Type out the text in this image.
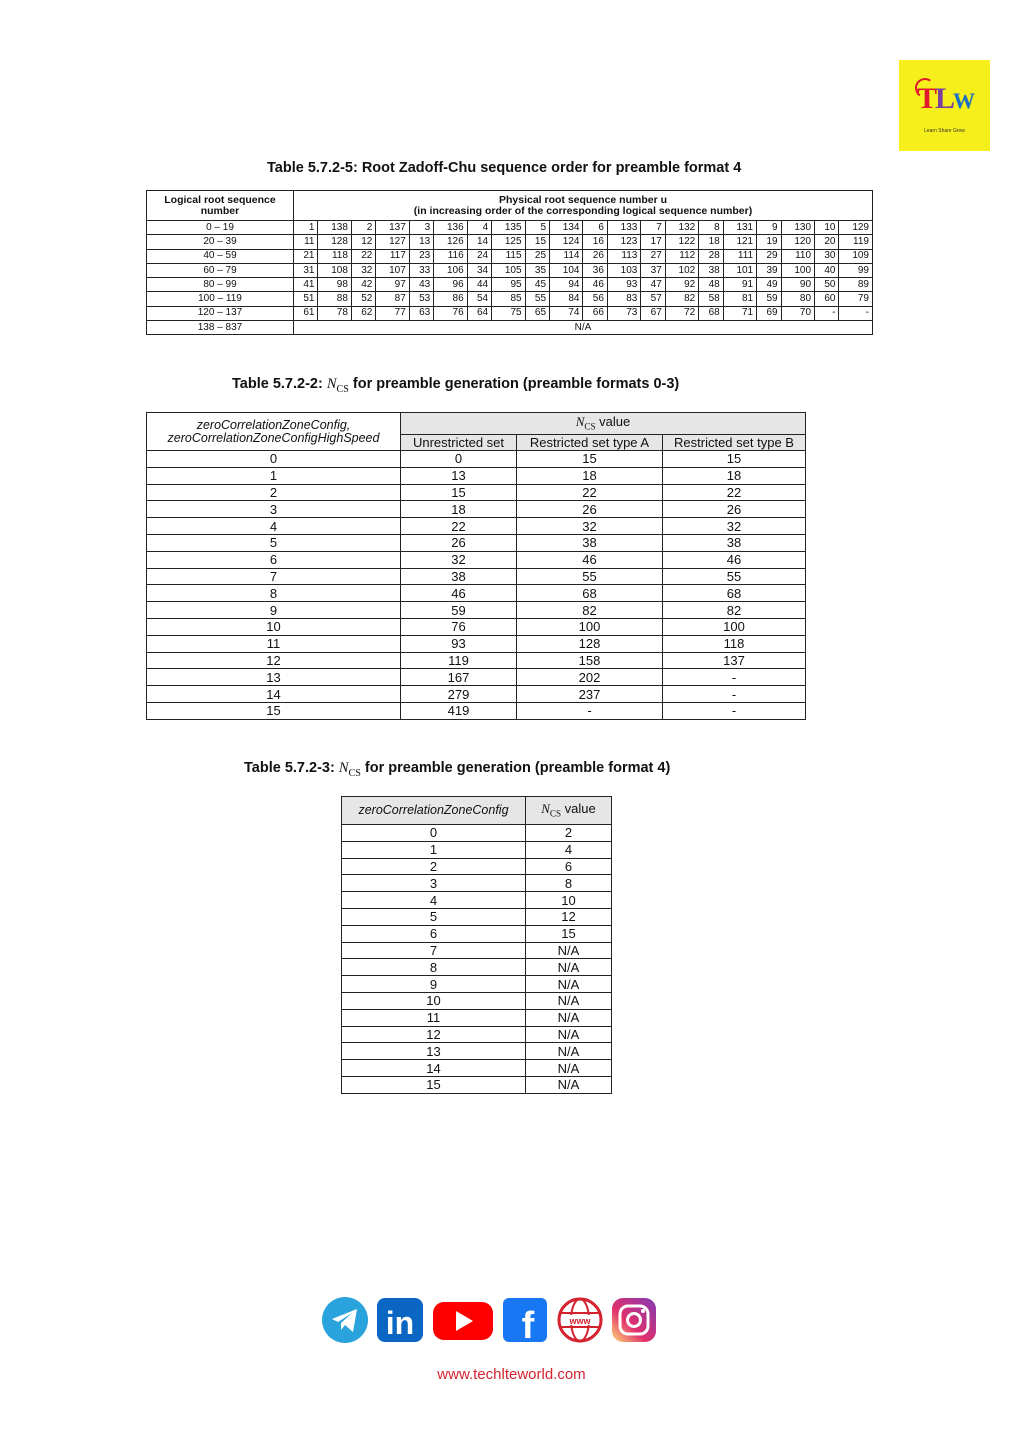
TLW
Learn Share Grow
Table 5.7.2-5: Root Zadoff-Chu sequence order for preamble format 4
Logical root sequence number	Physical root sequence number u
(in increasing order of the corresponding logical sequence number)																			
0 – 19	1	138	2	137	3	136	4	135	5	134	6	133	7	132	8	131	9	130	10	129
20 – 39	11	128	12	127	13	126	14	125	15	124	16	123	17	122	18	121	19	120	20	119
40 – 59	21	118	22	117	23	116	24	115	25	114	26	113	27	112	28	111	29	110	30	109
60 – 79	31	108	32	107	33	106	34	105	35	104	36	103	37	102	38	101	39	100	40	99
80 – 99	41	98	42	97	43	96	44	95	45	94	46	93	47	92	48	91	49	90	50	89
100 – 119	51	88	52	87	53	86	54	85	55	84	56	83	57	82	58	81	59	80	60	79
120 – 137	61	78	62	77	63	76	64	75	65	74	66	73	67	72	68	71	69	70	-	-
138 – 837	N/A																			
Table 5.7.2-2: $N_{CS}$ for preamble generation (preamble formats 0-3)
zeroCorrelationZoneConfig,
zeroCorrelationZoneConfigHighSpeed	$N_{CS}$ value		
	Unrestricted set	Restricted set type A	Restricted set type B
0	0	15	15
1	13	18	18
2	15	22	22
3	18	26	26
4	22	32	32
5	26	38	38
6	32	46	46
7	38	55	55
8	46	68	68
9	59	82	82
10	76	100	100
11	93	128	118
12	119	158	137
13	167	202	-
14	279	237	-
15	419	-	-
Table 5.7.2-3: $N_{CS}$ for preamble generation (preamble format 4)
zeroCorrelationZoneConfig	$N_{CS}$ value
0	2
1	4
2	6
3	8
4	10
5	12
6	15
7	N/A
8	N/A
9	N/A
10	N/A
11	N/A
12	N/A
13	N/A
14	N/A
15	N/A
in	f	www
www.techlteworld.com
